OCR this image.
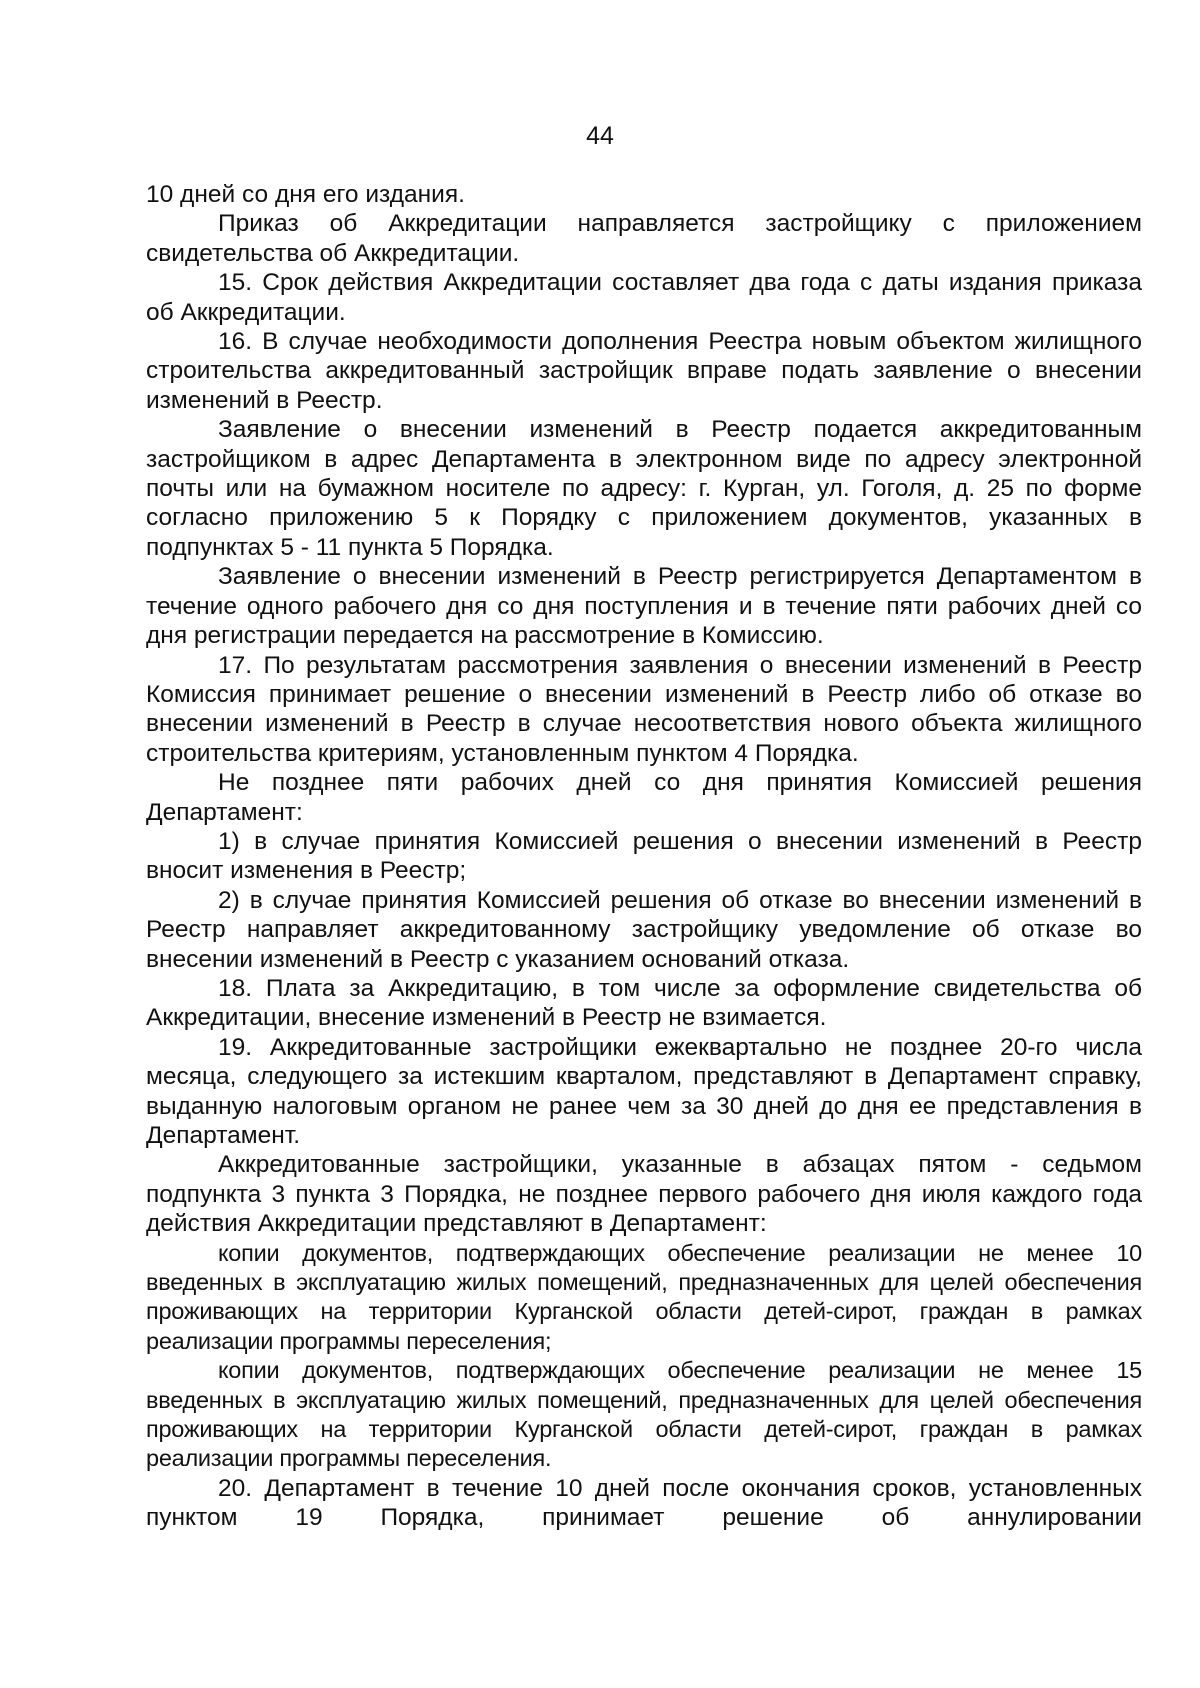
44

10 дней со дня его издания.

Приказ об Аккредитации направляется застройщику с приложением свидетельства об Аккредитации.

15. Срок действия Аккредитации составляет два года с даты издания приказа об Аккредитации.

16. В случае необходимости дополнения Реестра новым объектом жилищного строительства аккредитованный застройщик вправе подать заявление о внесении изменений в Реестр.

Заявление о внесении изменений в Реестр подается аккредитованным застройщиком в адрес Департамента в электронном виде по адресу электронной почты или на бумажном носителе по адресу: г. Курган, ул. Гоголя, д. 25 по форме согласно приложению 5 к Порядку с приложением документов, указанных в подпунктах 5 - 11 пункта 5 Порядка.

Заявление о внесении изменений в Реестр регистрируется Департаментом в течение одного рабочего дня со дня поступления и в течение пяти рабочих дней со дня регистрации передается на рассмотрение в Комиссию.

17. По результатам рассмотрения заявления о внесении изменений в Реестр Комиссия принимает решение о внесении изменений в Реестр либо об отказе во внесении изменений в Реестр в случае несоответствия нового объекта жилищного строительства критериям, установленным пунктом 4 Порядка.

Не позднее пяти рабочих дней со дня принятия Комиссией решения Департамент:

1) в случае принятия Комиссией решения о внесении изменений в Реестр вносит изменения в Реестр;

2) в случае принятия Комиссией решения об отказе во внесении изменений в Реестр направляет аккредитованному застройщику уведомление об отказе во внесении изменений в Реестр с указанием оснований отказа.

18. Плата за Аккредитацию, в том числе за оформление свидетельства об Аккредитации, внесение изменений в Реестр не взимается.

19. Аккредитованные застройщики ежеквартально не позднее 20-го числа месяца, следующего за истекшим кварталом, представляют в Департамент справку, выданную налоговым органом не ранее чем за 30 дней до дня ее представления в Департамент.

Аккредитованные застройщики, указанные в абзацах пятом - седьмом подпункта 3 пункта 3 Порядка, не позднее первого рабочего дня июля каждого года действия Аккредитации представляют в Департамент:

копии документов, подтверждающих обеспечение реализации не менее 10 введенных в эксплуатацию жилых помещений, предназначенных для целей обеспечения проживающих на территории Курганской области детей-сирот, граждан в рамках реализации программы переселения;

копии документов, подтверждающих обеспечение реализации не менее 15 введенных в эксплуатацию жилых помещений, предназначенных для целей обеспечения проживающих на территории Курганской области детей-сирот, граждан в рамках реализации программы переселения.

20. Департамент в течение 10 дней после окончания сроков, установленных пунктом 19 Порядка, принимает решение об аннулировании
